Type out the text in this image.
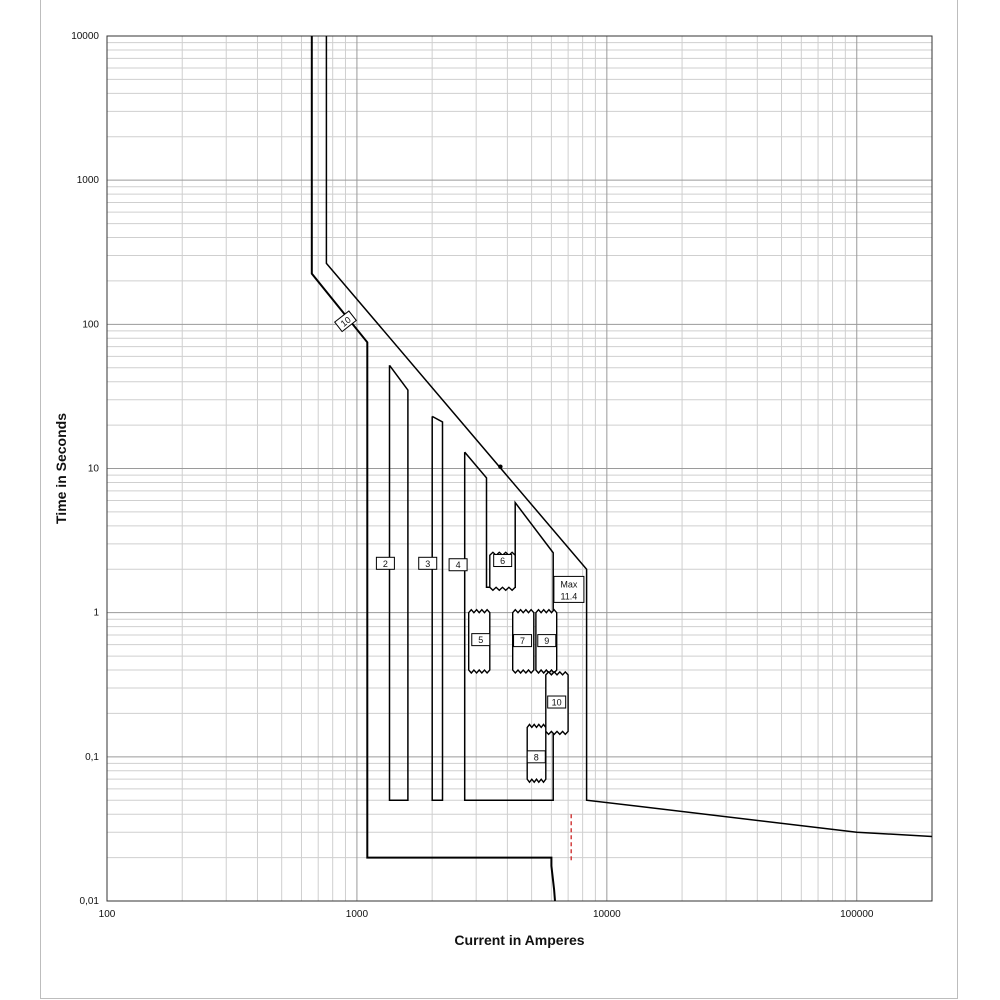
2	3	4	6
5	7 9
10
8
10
Max
11.4
100	1000	10000	100000
0,01
0,1
1
10
100
1000
10000
Current in Amperes
Time in Seconds
